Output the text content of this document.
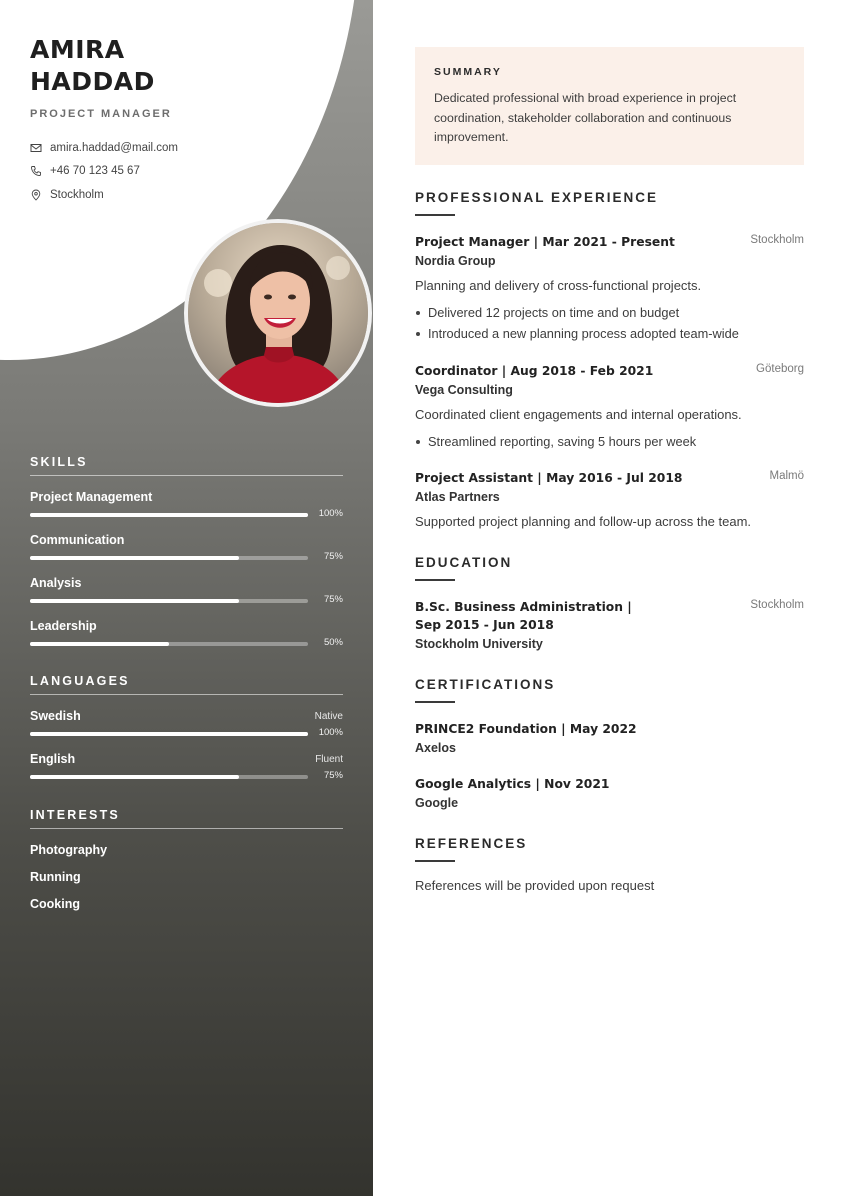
AMIRA
HADDAD
PROJECT MANAGER
amira.haddad@mail.com
+46 70 123 45 67
Stockholm
SKILLS
Project Management
100%
Communication
75%
Analysis
75%
Leadership
50%
LANGUAGES
Swedish	Native
100%
English	Fluent
75%
INTERESTS
Photography
Running
Cooking
SUMMARY
Dedicated professional with broad experience in project coordination, stakeholder collaboration and continuous improvement.
PROFESSIONAL EXPERIENCE
Project Manager | Mar 2021 - Present	Stockholm
Nordia Group
Planning and delivery of cross-functional projects.
Delivered 12 projects on time and on budget
Introduced a new planning process adopted team-wide
Coordinator | Aug 2018 - Feb 2021	Göteborg
Vega Consulting
Coordinated client engagements and internal operations.
Streamlined reporting, saving 5 hours per week
Project Assistant | May 2016 - Jul 2018	Malmö
Atlas Partners
Supported project planning and follow-up across the team.
EDUCATION
B.Sc. Business Administration |
Sep 2015 - Jun 2018
Stockholm
Stockholm University
CERTIFICATIONS
PRINCE2 Foundation | May 2022
Axelos
Google Analytics | Nov 2021
Google
REFERENCES
References will be provided upon request
